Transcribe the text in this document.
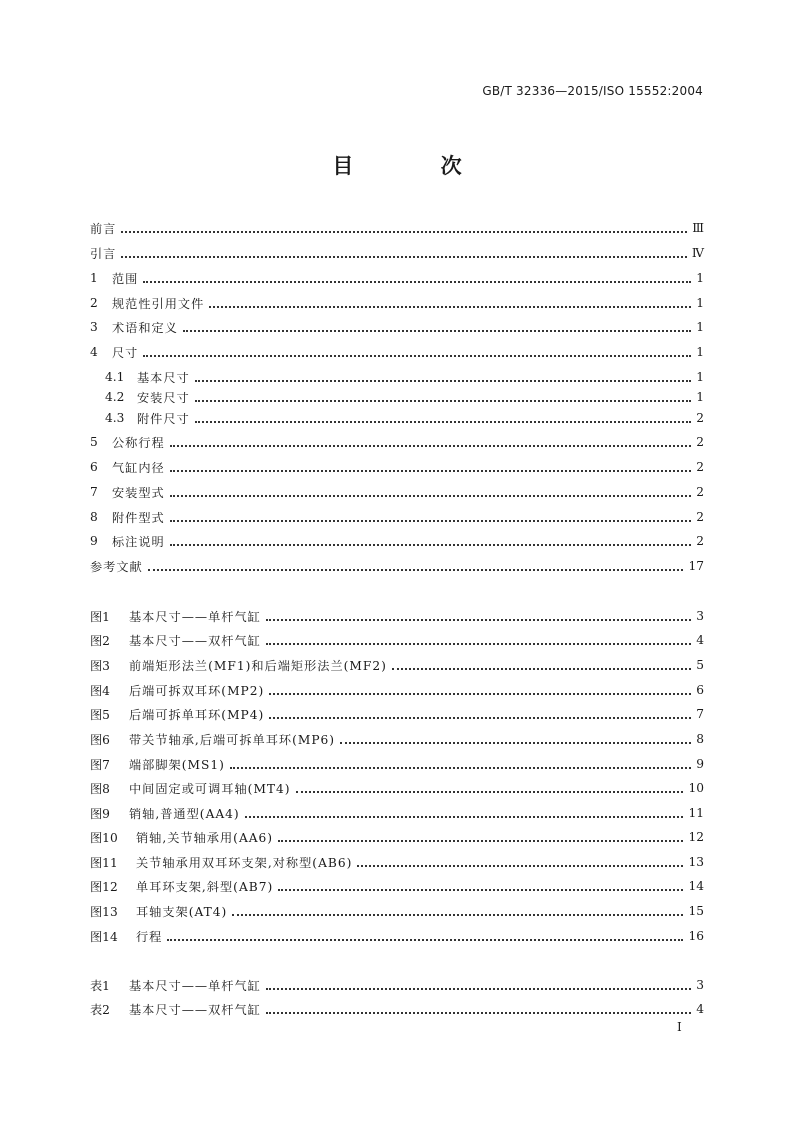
GB/T 32336—2015/ISO 15552:2004
目 次
前言	Ⅲ
引言	Ⅳ
1	范围	1
2	规范性引用文件	1
3	术语和定义	1
4	尺寸	1
4.1	基本尺寸	1
4.2	安装尺寸	1
4.3	附件尺寸	2
5	公称行程	2
6	气缸内径	2
7	安装型式	2
8	附件型式	2
9	标注说明	2
参考文献	17
图1	基本尺寸——单杆气缸	3
图2	基本尺寸——双杆气缸	4
图3	前端矩形法兰(MF1)和后端矩形法兰(MF2)	5
图4	后端可拆双耳环(MP2)	6
图5	后端可拆单耳环(MP4)	7
图6	带关节轴承,后端可拆单耳环(MP6)	8
图7	端部脚架(MS1)	9
图8	中间固定或可调耳轴(MT4)	10
图9	销轴,普通型(AA4)	11
图10	销轴,关节轴承用(AA6)	12
图11	关节轴承用双耳环支架,对称型(AB6)	13
图12	单耳环支架,斜型(AB7)	14
图13	耳轴支架(AT4)	15
图14	行程	16
表1	基本尺寸——单杆气缸	3
表2	基本尺寸——双杆气缸	4
Ⅰ
